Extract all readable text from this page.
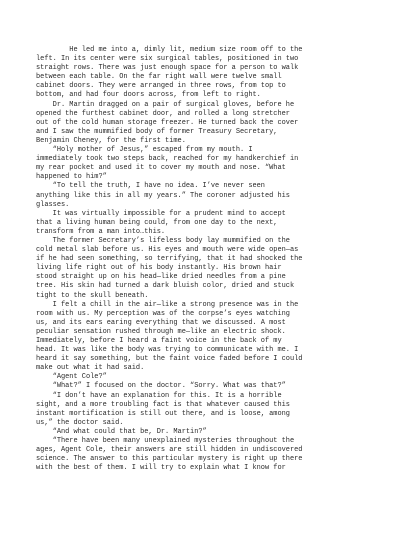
He led me into a, dimly lit, medium size room off to the
left. In its center were six surgical tables, positioned in two
straight rows. There was just enough space for a person to walk
between each table. On the far right wall were twelve small
cabinet doors. They were arranged in three rows, from top to
bottom, and had four doors across, from left to right.
Dr. Martin dragged on a pair of surgical gloves, before he
opened the furthest cabinet door, and rolled a long stretcher
out of the cold human storage freezer. He turned back the cover
and I saw the mummified body of former Treasury Secretary,
Benjamin Cheney, for the first time.
“Holy mother of Jesus,” escaped from my mouth. I
immediately took two steps back, reached for my handkerchief in
my rear pocket and used it to cover my mouth and nose. “What
happened to him?”
“To tell the truth, I have no idea. I’ve never seen
anything like this in all my years.” The coroner adjusted his
glasses.
It was virtually impossible for a prudent mind to accept
that a living human being could, from one day to the next,
transform from a man into…this.
The former Secretary’s lifeless body lay mummified on the
cold metal slab before us. His eyes and mouth were wide open—as
if he had seen something, so terrifying, that it had shocked the
living life right out of his body instantly. His brown hair
stood straight up on his head—like dried needles from a pine
tree. His skin had turned a dark bluish color, dried and stuck
tight to the skull beneath.
I felt a chill in the air—like a strong presence was in the
room with us. My perception was of the corpse’s eyes watching
us, and its ears earing everything that we discussed. A most
peculiar sensation rushed through me—like an electric shock.
Immediately, before I heard a faint voice in the back of my
head. It was like the body was trying to communicate with me. I
heard it say something, but the faint voice faded before I could
make out what it had said.
“Agent Cole?”
“What?” I focused on the doctor. “Sorry. What was that?”
“I don’t have an explanation for this. It is a horrible
sight, and a more troubling fact is that whatever caused this
instant mortification is still out there, and is loose, among
us,” the doctor said.
“And what could that be, Dr. Martin?”
“There have been many unexplained mysteries throughout the
ages, Agent Cole, their answers are still hidden in undiscovered
science. The answer to this particular mystery is right up there
with the best of them. I will try to explain what I know for
